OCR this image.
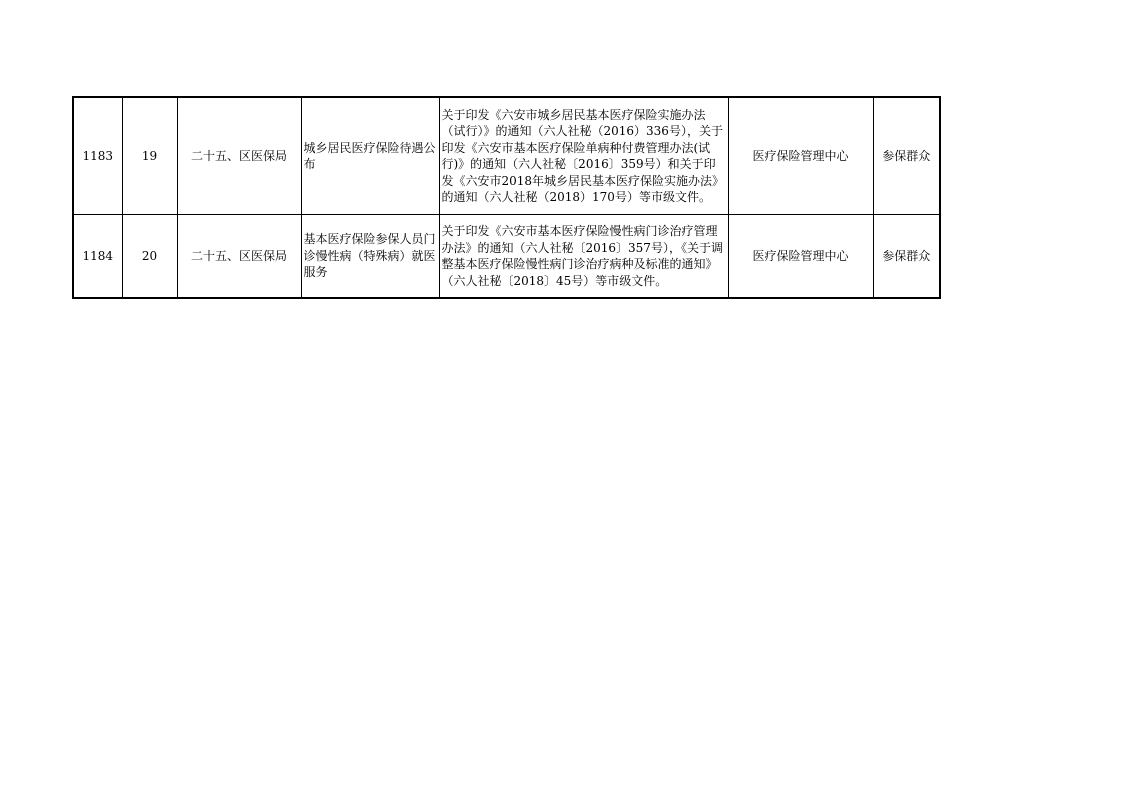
1183	19	二十五、区医保局	城乡居民医疗保险待遇公布	关于印发《六安市城乡居民基本医疗保险实施办法（试行）》的通知（六人社秘（2016）336号），关于印发《六安市基本医疗保险单病种付费管理办法(试行)》的通知（六人社秘〔2016〕359号）和关于印发《六安市2018年城乡居民基本医疗保险实施办法》的通知（六人社秘（2018）170号）等市级文件。	医疗保险管理中心	参保群众
1184	20	二十五、区医保局	基本医疗保险参保人员门诊慢性病（特殊病）就医服务	关于印发《六安市基本医疗保险慢性病门诊治疗管理办法》的通知（六人社秘〔2016〕357号），《关于调整基本医疗保险慢性病门诊治疗病种及标准的通知》（六人社秘〔2018〕45号）等市级文件。	医疗保险管理中心	参保群众
